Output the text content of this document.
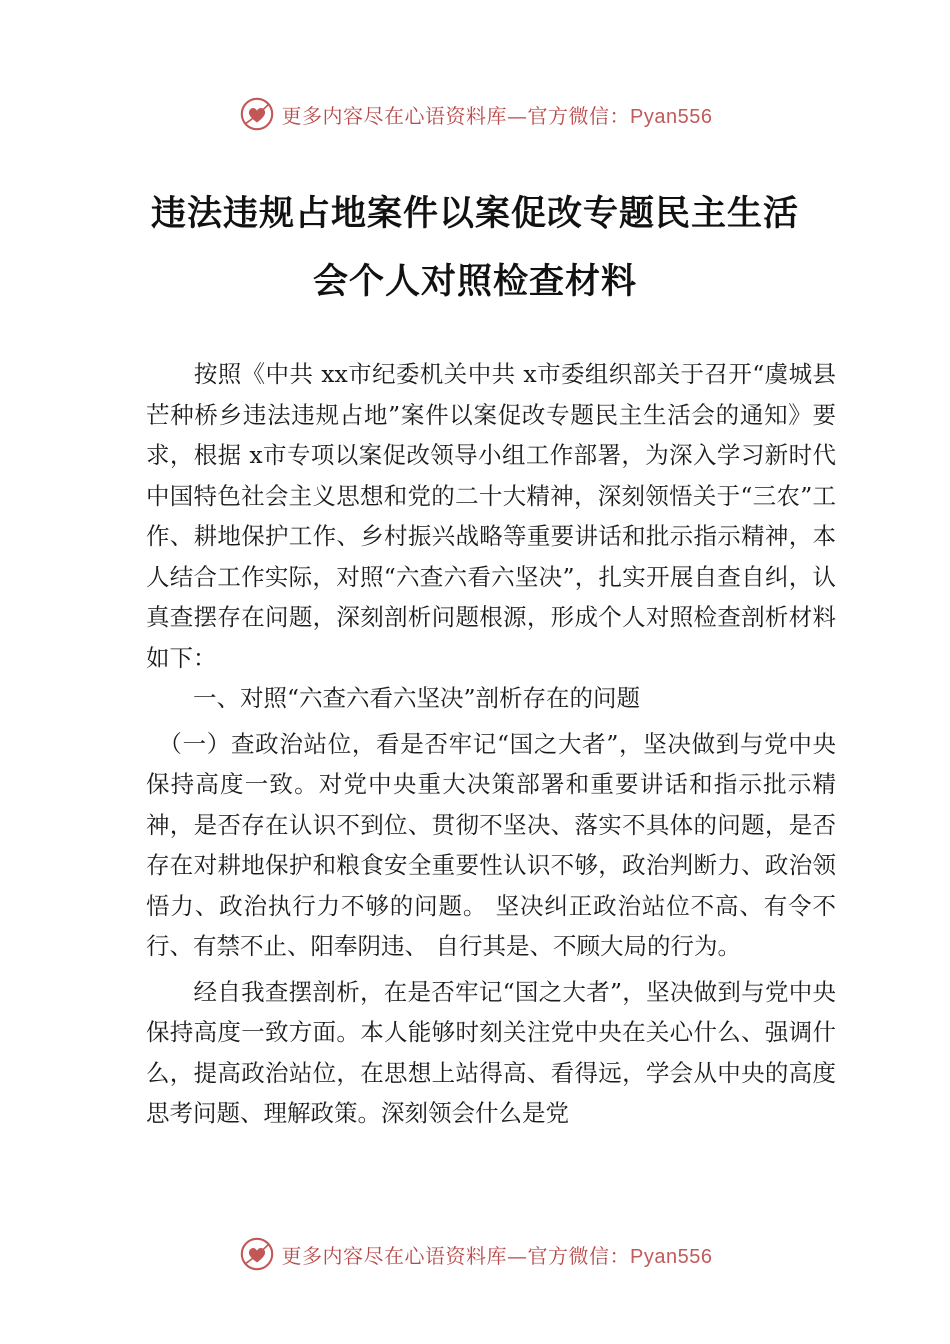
更多内容尽在心语资料库—官方微信：Pyan556
违法违规占地案件以案促改专题民主生活
会个人对照检查材料

　　按照《中共 xx市纪委机关中共 x市委组织部关于召开“虞城县芒种桥乡违法违规占地”案件以案促改专题民主生活会的通知》要求，根据 x市专项以案促改领导小组工作部署，为深入学习新时代中国特色社会主义思想和党的二十大精神，深刻领悟关于“三农”工作、耕地保护工作、乡村振兴战略等重要讲话和批示指示精神，本人结合工作实际，对照“六查六看六坚决”，扎实开展自查自纠，认真查摆存在问题，深刻剖析问题根源，形成个人对照检查剖析材料如下：

　　一、对照“六查六看六坚决”剖析存在的问题

　（一）查政治站位，看是否牢记“国之大者”，坚决做到与党中央保持高度一致。对党中央重大决策部署和重要讲话和指示批示精神，是否存在认识不到位、贯彻不坚决、落实不具体的问题，是否存在对耕地保护和粮食安全重要性认识不够，政治判断力、政治领悟力、政治执行力不够的问题。 坚决纠正政治站位不高、有令不行、有禁不止、阳奉阴违、 自行其是、不顾大局的行为。

　　经自我查摆剖析，在是否牢记“国之大者”，坚决做到与党中央保持高度一致方面。本人能够时刻关注党中央在关心什么、强调什么，提高政治站位，在思想上站得高、看得远，学会从中央的高度思考问题、理解政策。深刻领会什么是党

更多内容尽在心语资料库—官方微信：Pyan556
